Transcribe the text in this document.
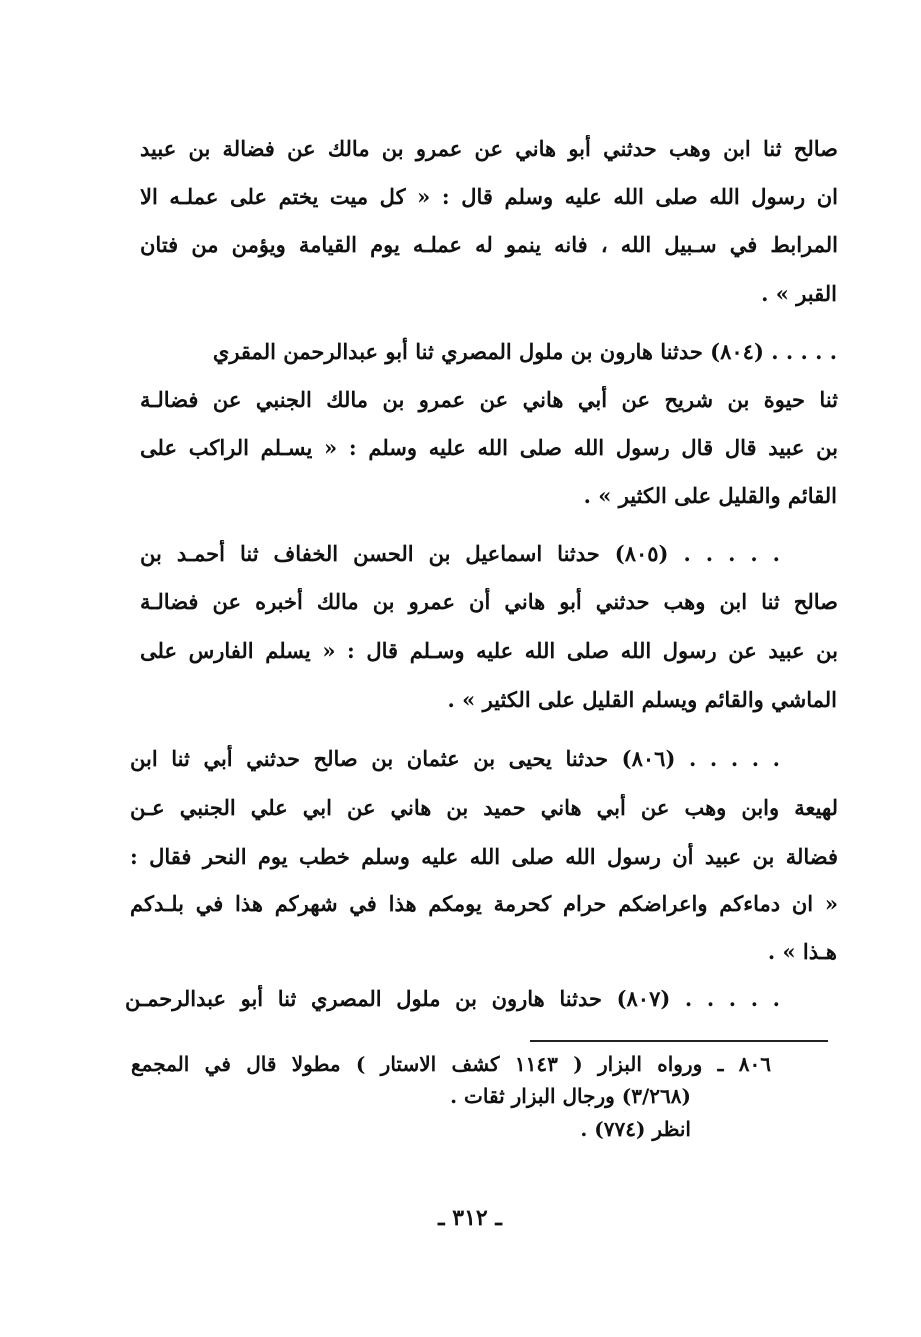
صالح ثنا ابن وهب حدثني أبو هاني عن عمرو بن مالك عن فضالة بن عبيد
ان رسول الله صلى الله عليه وسلم قال : « كل ميت يختم على عملـه الا
المرابط في سـبيل الله ، فانه ينمو له عملـه يوم القيامة ويؤمن من فتان
القبر » .
. . . . . (٨٠٤) حدثنا هارون بن ملول المصري ثنا أبو عبدالرحمن المقري
ثنا حيوة بن شريح عن أبي هاني عن عمرو بن مالك الجنبي عن فضالـة
بن عبيد قال قال رسول الله صلى الله عليه وسلم : « يسـلم الراكب على
القائم والقليل على الكثير » .
. . . . . (٨٠٥) حدثنا اسماعيل بن الحسن الخفاف ثنا أحمـد بن
صالح ثنا ابن وهب حدثني أبو هاني أن عمرو بن مالك أخبره عن فضالـة
بن عبيد عن رسول الله صلى الله عليه وسـلم قال : « يسلم الفارس على
الماشي والقائم ويسلم القليل على الكثير » .
. . . . . (٨٠٦) حدثنا يحيى بن عثمان بن صالح حدثني أبي ثنا ابن
لهيعة وابن وهب عن أبي هاني حميد بن هاني عن ابي علي الجنبي عـن
فضالة بن عبيد أن رسول الله صلى الله عليه وسلم خطب يوم النحر فقال :
« ان دماءكم واعراضكم حرام كحرمة يومكم هذا في شهركم هذا في بلـدكم
هـذا » .
. . . . . (٨٠٧) حدثنا هارون بن ملول المصري ثنا أبو عبدالرحمـن
٨٠٦ ـ ورواه البزار ( ١١٤٣ كشف الاستار ) مطولا قال في المجمع
(٣/٢٦٨) ورجال البزار ثقات .
انظر (٧٧٤) .
ـ ٣١٢ ـ
